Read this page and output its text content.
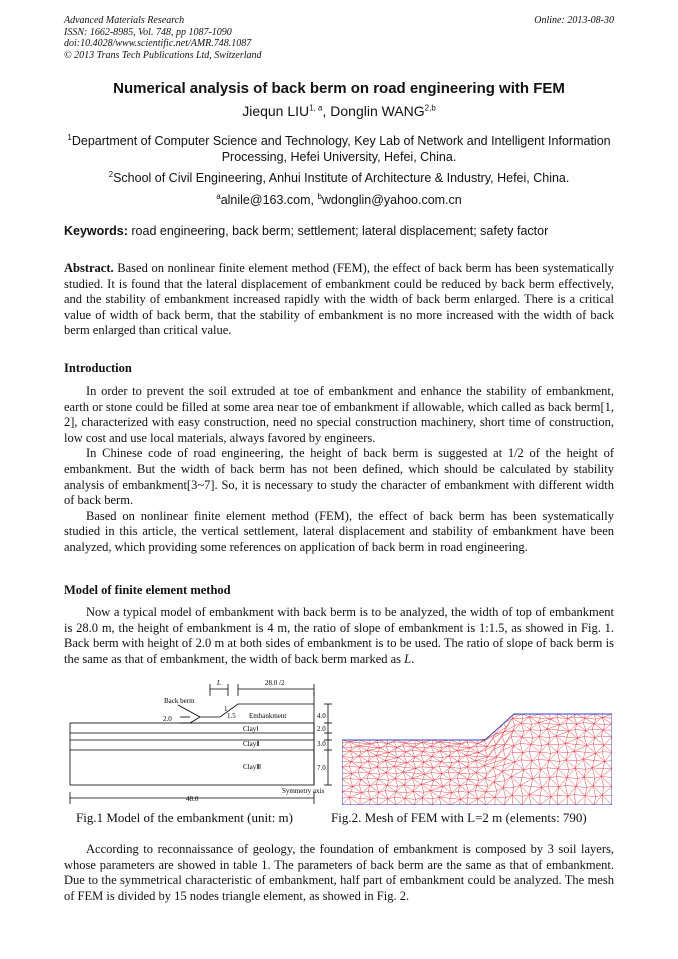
Advanced Materials Research
ISSN: 1662-8985, Vol. 748, pp 1087-1090
doi:10.4028/www.scientific.net/AMR.748.1087
© 2013 Trans Tech Publications Ltd, Switzerland
Online: 2013-08-30
Numerical analysis of back berm on road engineering with FEM
Jiequn LIU$^{1, a}$, Donglin WANG$^{2,b}$
$^1$Department of Computer Science and Technology, Key Lab of Network and Intelligent Information
Processing, Hefei University, Hefei, China.
$^2$School of Civil Engineering, Anhui Institute of Architecture & Industry, Hefei, China.
$^a$alnile@163.com, $^b$wdonglin@yahoo.com.cn
Keywords: road engineering, back berm; settlement; lateral displacement; safety factor

Abstract. Based on nonlinear finite element method (FEM), the effect of back berm has been systematically studied. It is found that the lateral displacement of embankment could be reduced by back berm effectively, and the stability of embankment increased rapidly with the width of back berm enlarged. There is a critical value of width of back berm, that the stability of embankment is no more increased with the width of back berm enlarged than critical value.

Introduction

In order to prevent the soil extruded at toe of embankment and enhance the stability of embankment, earth or stone could be filled at some area near toe of embankment if allowable, which called as back berm[1, 2], characterized with easy construction, need no special construction machinery, short time of construction, low cost and use local materials, always favored by engineers.

In Chinese code of road engineering, the height of back berm is suggested at 1/2 of the height of embankment. But the width of back berm has not been defined, which should be calculated by stability analysis of embankment[3~7]. So, it is necessary to study the character of embankment with different width of back berm.

Based on nonlinear finite element method (FEM), the effect of back berm has been systematically studied in this article, the vertical settlement, lateral displacement and stability of embankment have been analyzed, which providing some references on application of back berm in road engineering.

Model of finite element method

Now a typical model of embankment with back berm is to be analyzed, the width of top of embankment is 28.0 m, the height of embankment is 4 m, the ratio of slope of embankment is 1:1.5, as showed in Fig. 1. Back berm with height of 2.0 m at both sides of embankment is to be used. The ratio of slope of back berm is the same as that of embankment, the width of back berm marked as L.

L	28.0 /2
Back berm
2.0
1
1.5 Embankment
ClayⅠ
ClayⅡ
ClayⅢ
4.0
2.0
3.0
7.0
Symmetry axis
48.0
Fig.1 Model of the embankment (unit: m)	Fig.2. Mesh of FEM with L=2 m (elements: 790)

According to reconnaissance of geology, the foundation of embankment is composed by 3 soil layers, whose parameters are showed in table 1. The parameters of back berm are the same as that of embankment. Due to the symmetrical characteristic of embankment, half part of embankment could be analyzed. The mesh of FEM is divided by 15 nodes triangle element, as showed in Fig. 2.
